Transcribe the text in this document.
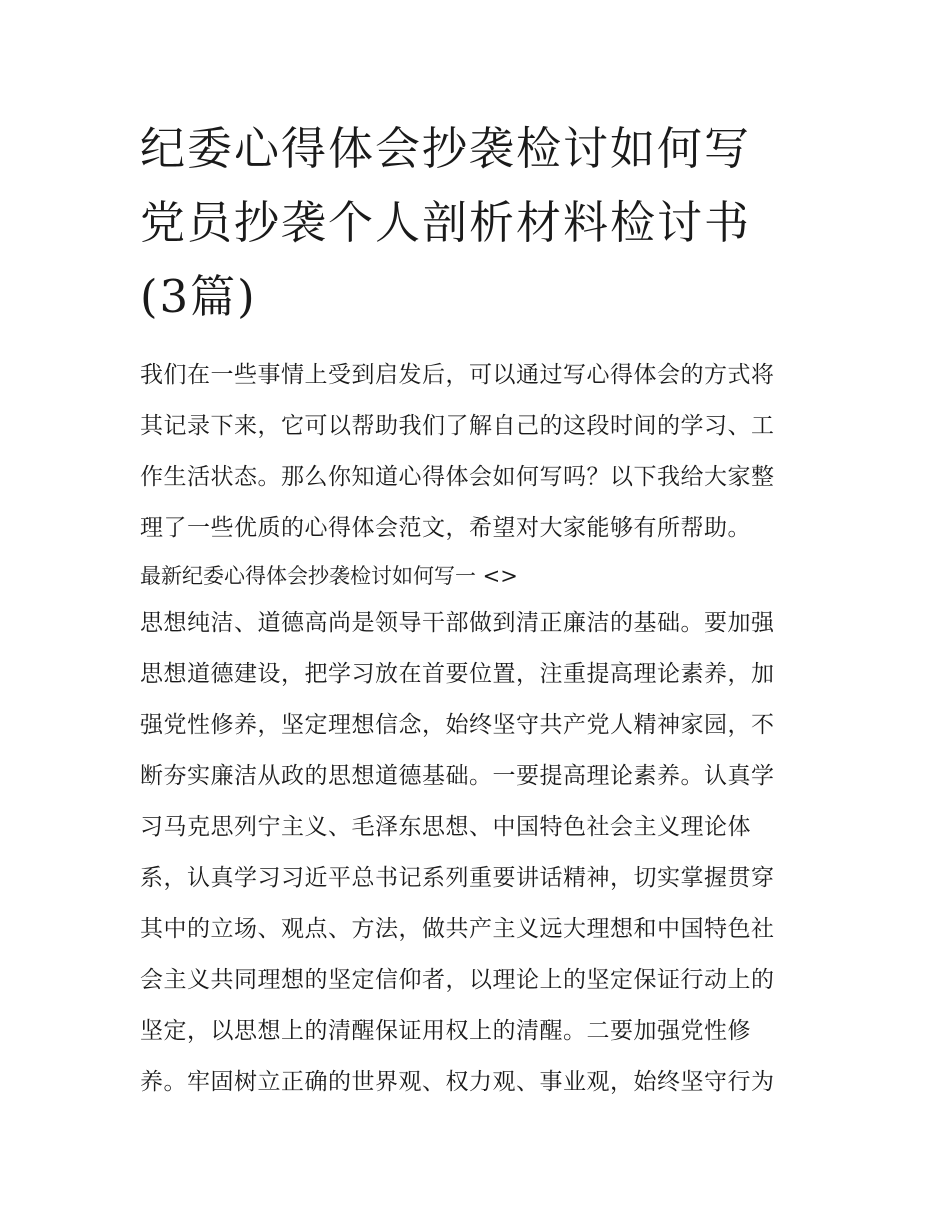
纪委心得体会抄袭检讨如何写
党员抄袭个人剖析材料检讨书
(3篇)

我们在一些事情上受到启发后，可以通过写心得体会的方式将
其记录下来，它可以帮助我们了解自己的这段时间的学习、工
作生活状态。那么你知道心得体会如何写吗？以下我给大家整
理了一些优质的心得体会范文，希望对大家能够有所帮助。

最新纪委心得体会抄袭检讨如何写一 <>

思想纯洁、道德高尚是领导干部做到清正廉洁的基础。要加强
思想道德建设，把学习放在首要位置，注重提高理论素养，加
强党性修养，坚定理想信念，始终坚守共产党人精神家园，不
断夯实廉洁从政的思想道德基础。一要提高理论素养。认真学
习马克思列宁主义、毛泽东思想、中国特色社会主义理论体
系，认真学习习近平总书记系列重要讲话精神，切实掌握贯穿
其中的立场、观点、方法，做共产主义远大理想和中国特色社
会主义共同理想的坚定信仰者，以理论上的坚定保证行动上的
坚定，以思想上的清醒保证用权上的清醒。二要加强党性修
养。牢固树立正确的世界观、权力观、事业观，始终坚守行为
